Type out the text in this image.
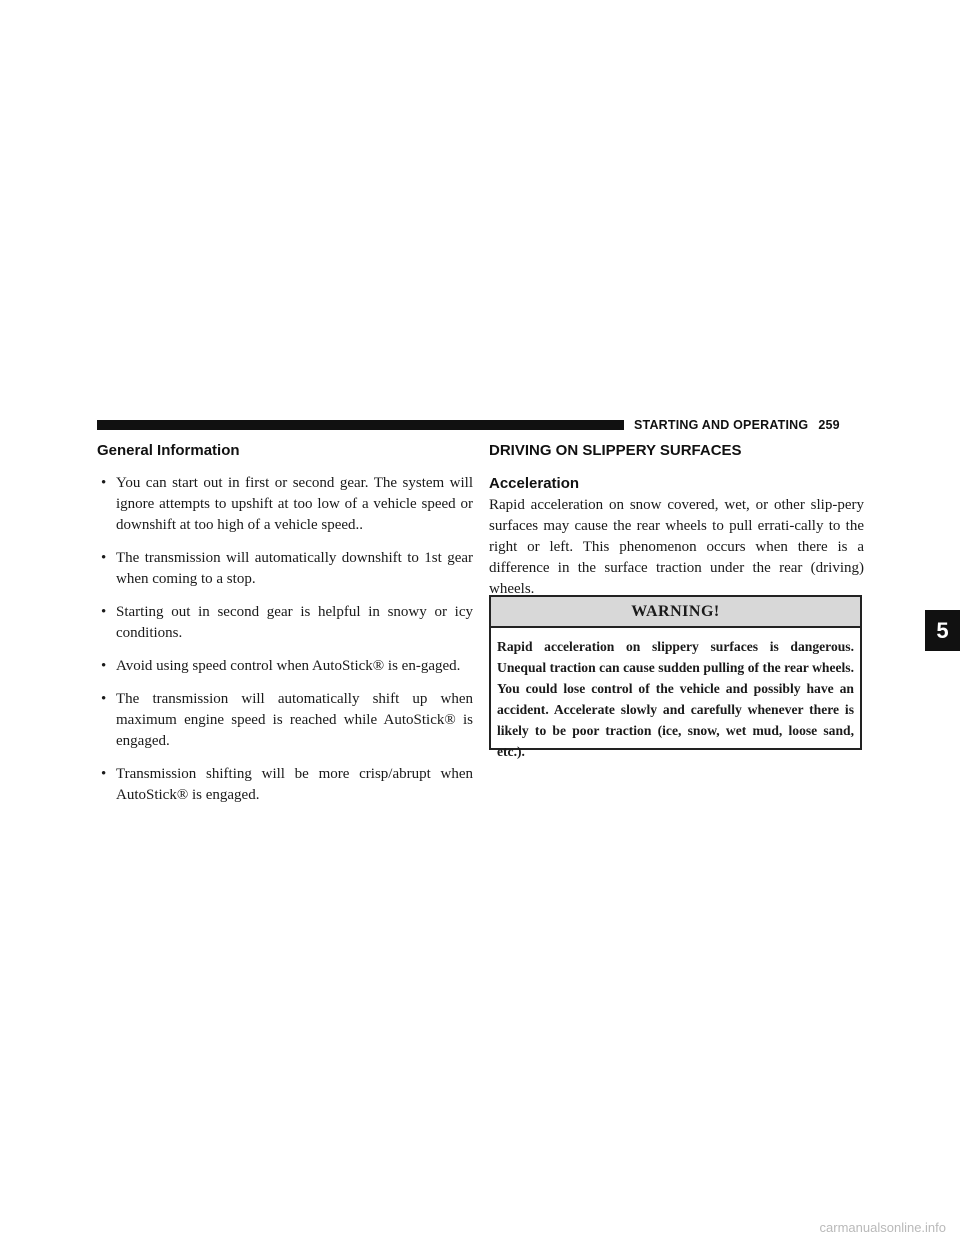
STARTING AND OPERATING 259
General Information
• You can start out in first or second gear. The system will ignore attempts to upshift at too low of a vehicle speed or downshift at too high of a vehicle speed..
• The transmission will automatically downshift to 1st gear when coming to a stop.
• Starting out in second gear is helpful in snowy or icy conditions.
• Avoid using speed control when AutoStick® is en-gaged.
• The transmission will automatically shift up when maximum engine speed is reached while AutoStick® is engaged.
• Transmission shifting will be more crisp/abrupt when AutoStick® is engaged.
DRIVING ON SLIPPERY SURFACES
Acceleration

Rapid acceleration on snow covered, wet, or other slip-pery surfaces may cause the rear wheels to pull errati-cally to the right or left. This phenomenon occurs when there is a difference in the surface traction under the rear (driving) wheels.

WARNING!
Rapid acceleration on slippery surfaces is dangerous. Unequal traction can cause sudden pulling of the rear wheels. You could lose control of the vehicle and possibly have an accident. Accelerate slowly and carefully whenever there is likely to be poor traction (ice, snow, wet mud, loose sand, etc.).
5
carmanualsonline.info
